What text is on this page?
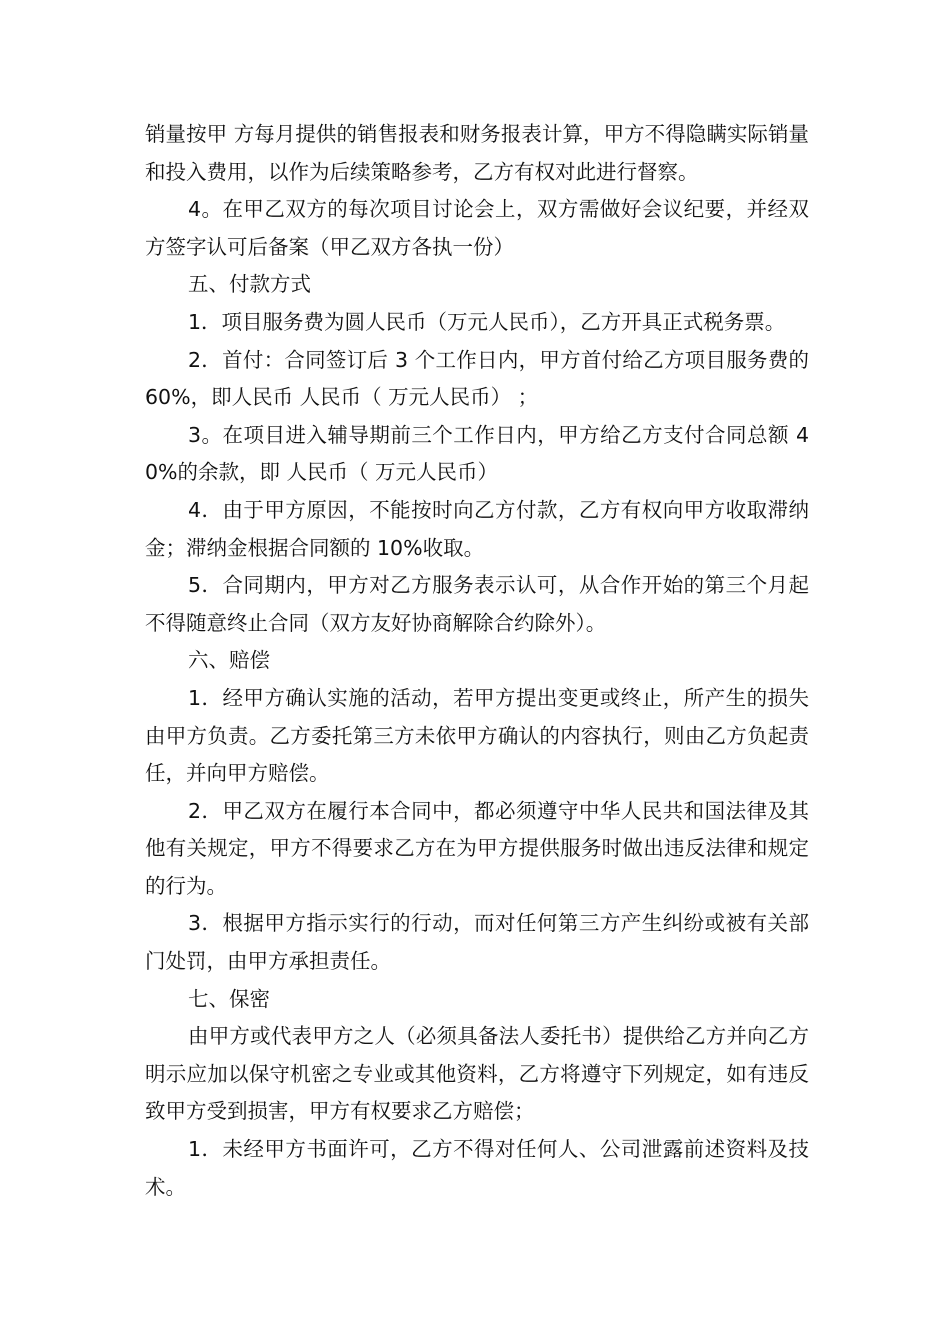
销量按甲 方每月提供的销售报表和财务报表计算，甲方不得隐瞒实际销量和投入费用，以作为后续策略参考，乙方有权对此进行督察。

4。在甲乙双方的每次项目讨论会上，双方需做好会议纪要，并经双方签字认可后备案（甲乙双方各执一份）

五、付款方式

1．项目服务费为圆人民币（万元人民币），乙方开具正式税务票。

2．首付：合同签订后 3 个工作日内，甲方首付给乙方项目服务费的 60%，即人民币 人民币（ 万元人民币） ；

3。在项目进入辅导期前三个工作日内，甲方给乙方支付合同总额 40%的余款，即 人民币（ 万元人民币）

4．由于甲方原因，不能按时向乙方付款，乙方有权向甲方收取滞纳金；滞纳金根据合同额的 10%收取。

5．合同期内，甲方对乙方服务表示认可，从合作开始的第三个月起不得随意终止合同（双方友好协商解除合约除外）。

六、赔偿

1．经甲方确认实施的活动，若甲方提出变更或终止，所产生的损失由甲方负责。乙方委托第三方未依甲方确认的内容执行，则由乙方负起责任，并向甲方赔偿。

2．甲乙双方在履行本合同中，都必须遵守中华人民共和国法律及其他有关规定，甲方不得要求乙方在为甲方提供服务时做出违反法律和规定的行为。

3．根据甲方指示实行的行动，而对任何第三方产生纠纷或被有关部门处罚，由甲方承担责任。

七、保密

由甲方或代表甲方之人（必须具备法人委托书）提供给乙方并向乙方明示应加以保守机密之专业或其他资料，乙方将遵守下列规定，如有违反致甲方受到损害，甲方有权要求乙方赔偿；

1．未经甲方书面许可，乙方不得对任何人、公司泄露前述资料及技术。
